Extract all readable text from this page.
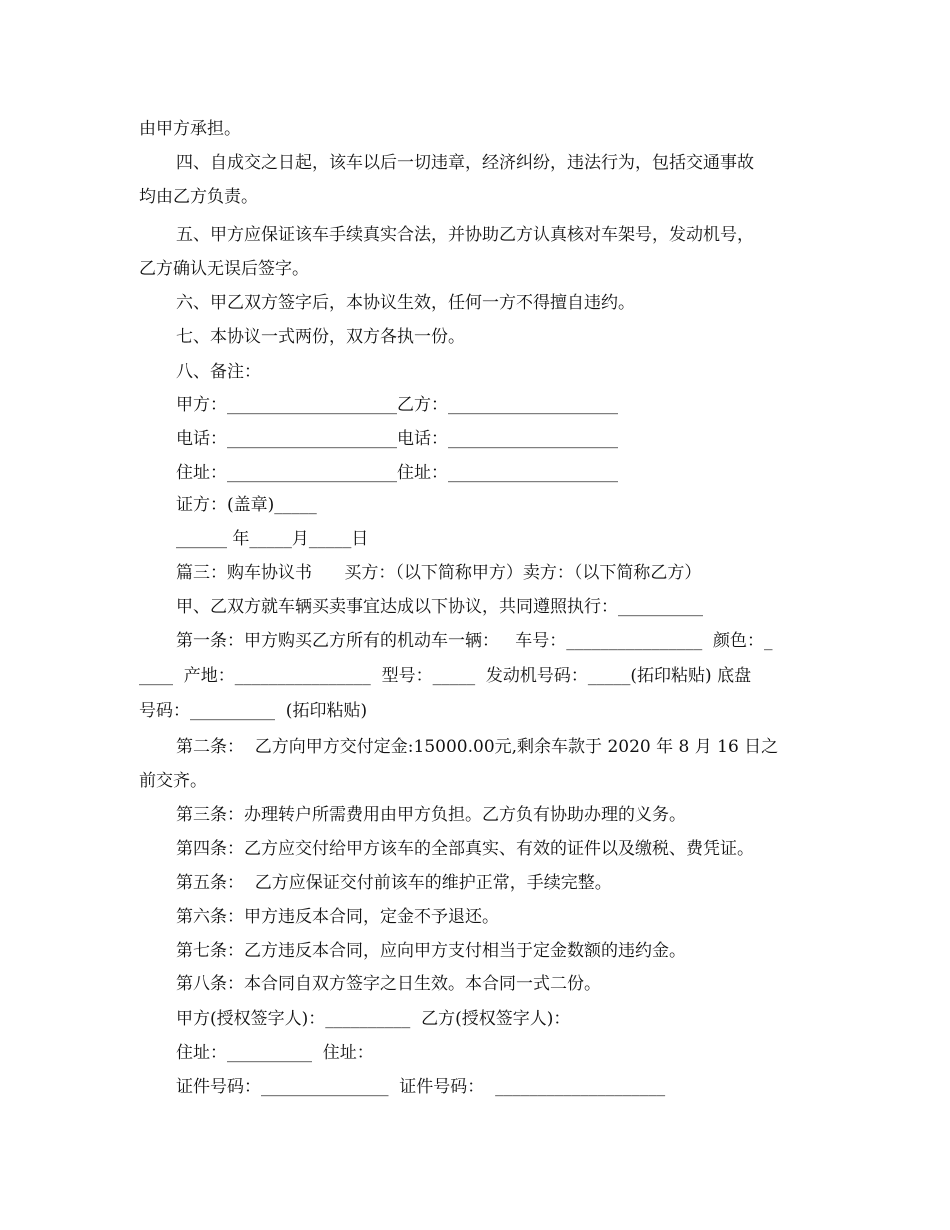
由甲方承担。
四、自成交之日起，该车以后一切违章，经济纠纷，违法行为，包括交通事故
均由乙方负责。
五、甲方应保证该车手续真实合法，并协助乙方认真核对车架号，发动机号，
乙方确认无误后签字。
六、甲乙双方签字后，本协议生效，任何一方不得擅自违约。
七、本协议一式两份，双方各执一份。
八、备注：
甲方：____________________乙方：____________________
电话：____________________电话：____________________
住址：____________________住址：____________________
证方：(盖章)_____
______ 年_____月_____日
篇三：购车协议书      买方：（以下简称甲方）卖方：（以下简称乙方）
甲、乙双方就车辆买卖事宜达成以下协议，共同遵照执行：__________
第一条：甲方购买乙方所有的机动车一辆：   车号：________________  颜色：_
____  产地：________________  型号：_____  发动机号码：_____(拓印粘贴) 底盘
号码：__________  (拓印粘贴)
第二条：  乙方向甲方交付定金:15000.00元,剩余车款于 2020 年 8 月 16 日之
前交齐。
第三条：办理转户所需费用由甲方负担。乙方负有协助办理的义务。
第四条：乙方应交付给甲方该车的全部真实、有效的证件以及缴税、费凭证。
第五条：  乙方应保证交付前该车的维护正常，手续完整。
第六条：甲方违反本合同，定金不予退还。
第七条：乙方违反本合同，应向甲方支付相当于定金数额的违约金。
第八条：本合同自双方签字之日生效。本合同一式二份。
甲方(授权签字人)：__________  乙方(授权签字人)：
住址：__________  住址：
证件号码：_______________  证件号码：  ____________________
